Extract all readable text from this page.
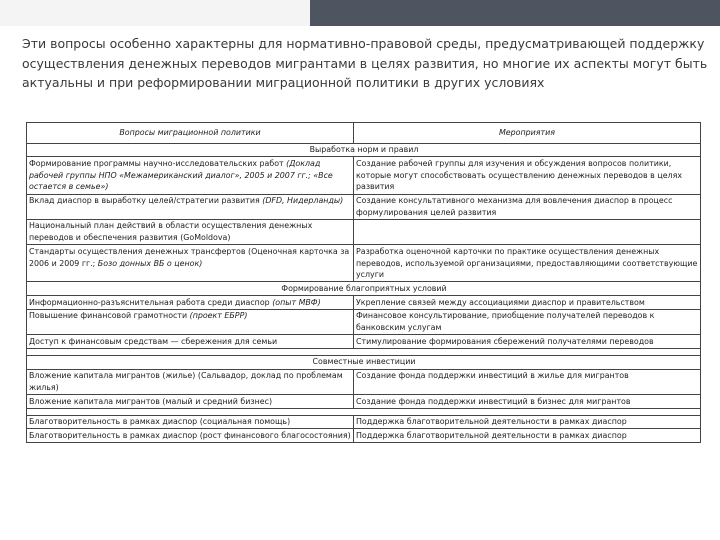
Эти вопросы особенно характерны для нормативно-правовой среды, предусматривающей поддержку осуществления денежных переводов мигрантами в целях развития, но многие их аспекты могут быть актуальны и при реформировании миграционной политики в других условиях
Вопросы миграционной политики	Мероприятия
Выработка норм и правил	
Формирование программы научно-исследовательских работ (Доклад рабочей группы НПО «Межамериканский диалог», 2005 и 2007 гг.; «Все остается в семье»)	Создание рабочей группы для изучения и обсуждения вопросов политики, которые могут способствовать осуществлению денежных переводов в целях развития
Вклад диаспор в выработку целей/стратегии развития (DFD, Нидерланды)	Создание консультативного механизма для вовлечения диаспор в процесс формулирования целей развития
Национальный план действий в области осуществления денежных переводов и обеспечения развития (GoMoldova)	
Стандарты осуществления денежных трансфертов (Оценочная карточка за 2006 и 2009 гг.; Бозо донных ВБ о ценок)	Разработка оценочной карточки по практике осуществления денежных переводов, используемой организациями, предоставляющими соответствующие услуги
Формирование благоприятных условий	
Информационно-разъяснительная работа среди диаспор (опыт МВФ)	Укрепление связей между ассоциациями диаспор и правительством
Повышение финансовой грамотности (проект ЕБРР)	Финансовое консультирование, приобщение получателей переводов к банковским услугам
Доступ к финансовым средствам — сбережения для семьи	Стимулирование формирования сбережений получателями переводов

Совместные инвестиции	
Вложение капитала мигрантов (жилье) (Сальвадор, доклад по проблемам жилья)	Создание фонда поддержки инвестиций в жилье для мигрантов
Вложение капитала мигрантов (малый и средний бизнес)	Создание фонда поддержки инвестиций в бизнес для мигрантов

Благотворительность в рамках диаспор (социальная помощь)	Поддержка благотворительной деятельности в рамках диаспор
Благотворительность в рамках диаспор (рост финансового благосостояния)	Поддержка благотворительной деятельности в рамках диаспор
